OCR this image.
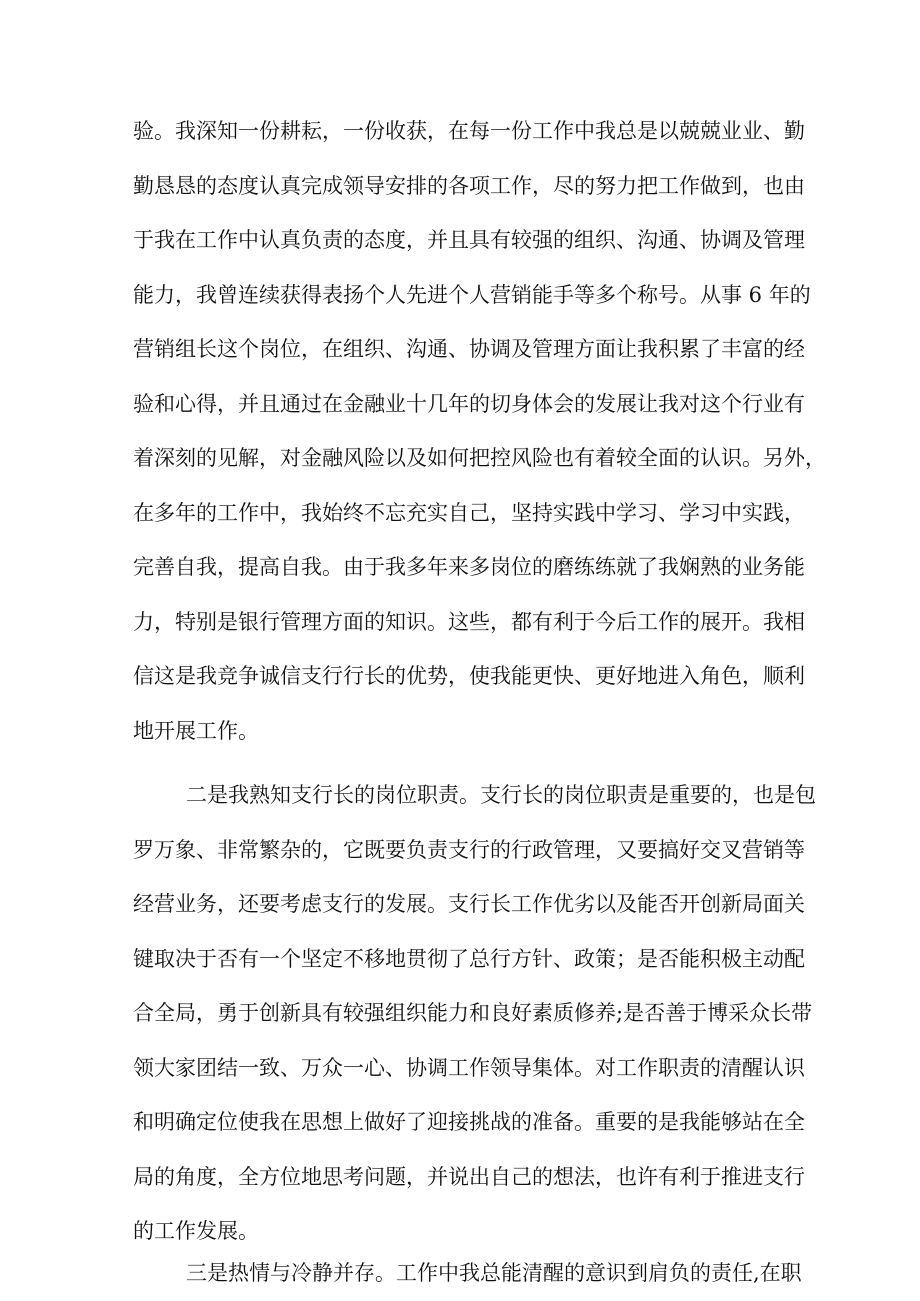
验。我深知一份耕耘，一份收获，在每一份工作中我总是以兢兢业业、勤
勤恳恳的态度认真完成领导安排的各项工作，尽的努力把工作做到，也由
于我在工作中认真负责的态度，并且具有较强的组织、沟通、协调及管理
能力，我曾连续获得表扬个人先进个人营销能手等多个称号。从事 6 年的
营销组长这个岗位，在组织、沟通、协调及管理方面让我积累了丰富的经
验和心得，并且通过在金融业十几年的切身体会的发展让我对这个行业有
着深刻的见解，对金融风险以及如何把控风险也有着较全面的认识。另外，
在多年的工作中，我始终不忘充实自己，坚持实践中学习、学习中实践，
完善自我，提高自我。由于我多年来多岗位的磨练练就了我娴熟的业务能
力，特别是银行管理方面的知识。这些，都有利于今后工作的展开。我相
信这是我竞争诚信支行行长的优势，使我能更快、更好地进入角色，顺利
地开展工作。
二是我熟知支行长的岗位职责。支行长的岗位职责是重要的，也是包
罗万象、非常繁杂的，它既要负责支行的行政管理，又要搞好交叉营销等
经营业务，还要考虑支行的发展。支行长工作优劣以及能否开创新局面关
键取决于否有一个坚定不移地贯彻了总行方针、政策；是否能积极主动配
合全局，勇于创新具有较强组织能力和良好素质修养;是否善于博采众长带
领大家团结一致、万众一心、协调工作领导集体。对工作职责的清醒认识
和明确定位使我在思想上做好了迎接挑战的准备。重要的是我能够站在全
局的角度，全方位地思考问题，并说出自己的想法，也许有利于推进支行
的工作发展。
三是热情与冷静并存。工作中我总能清醒的意识到肩负的责任,在职
